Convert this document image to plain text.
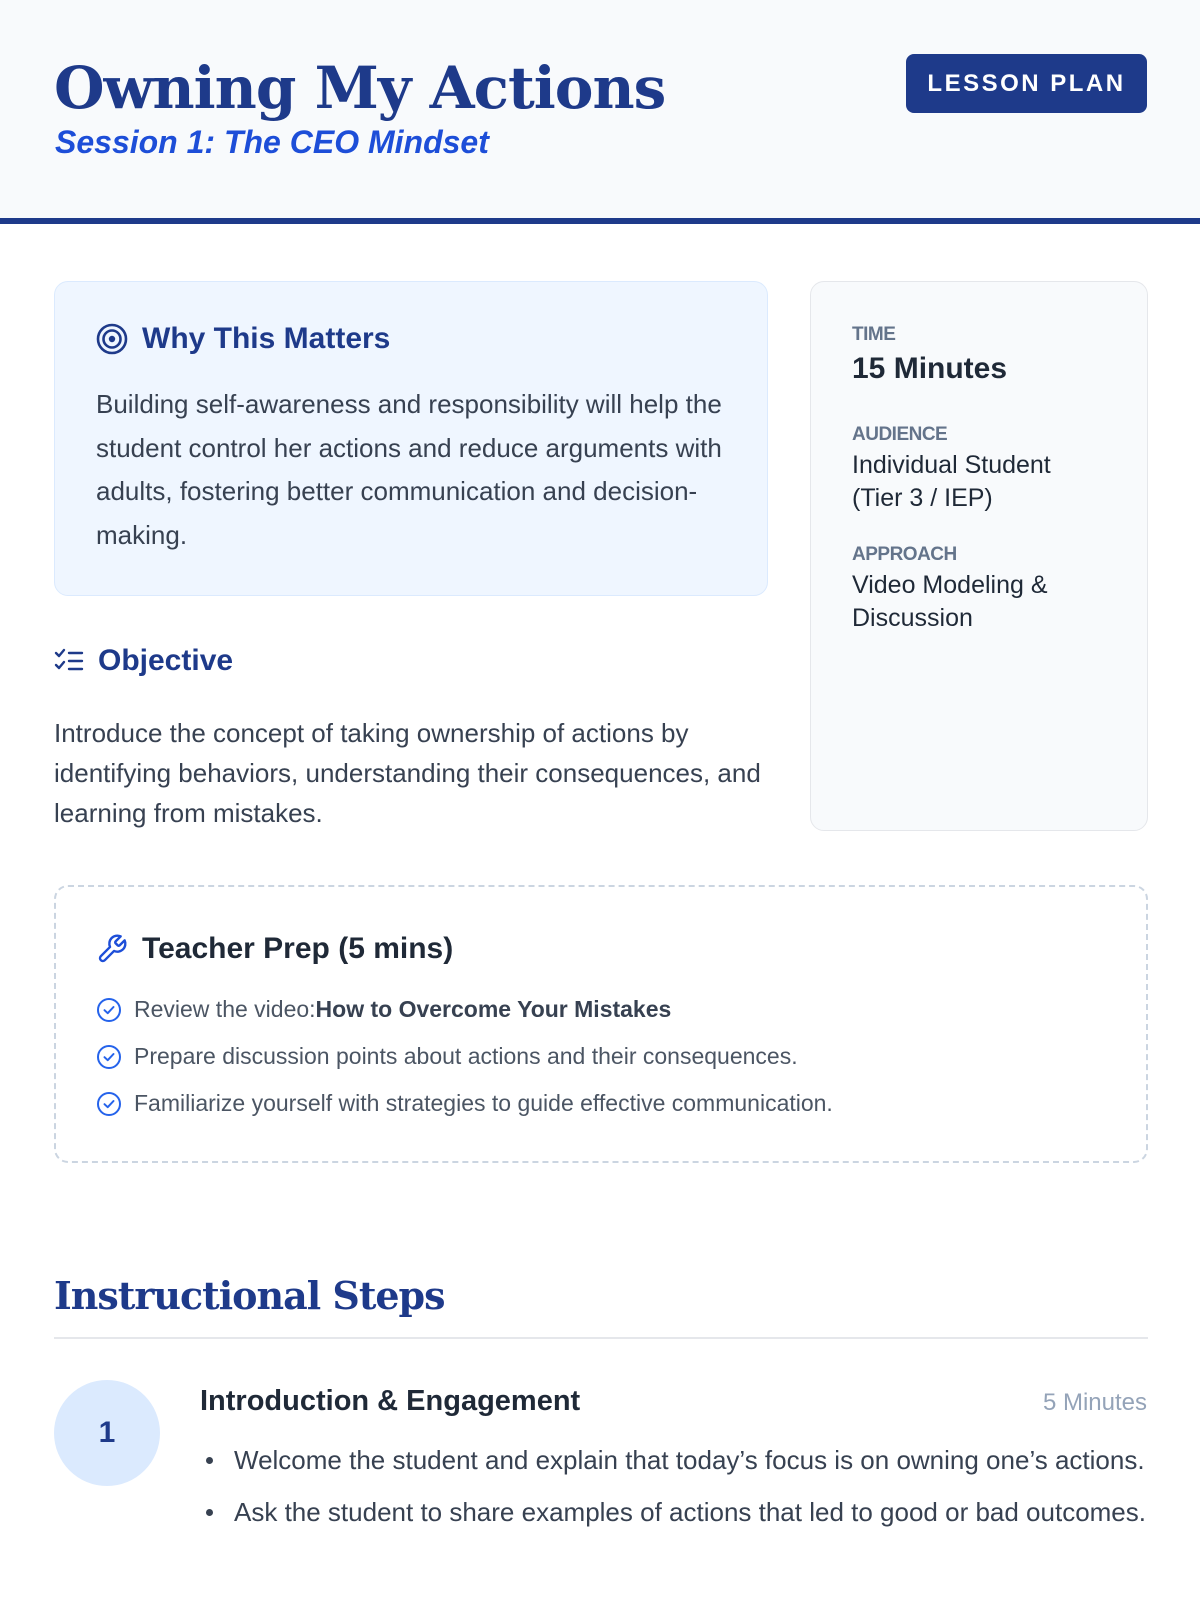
Owning My Actions
Session 1: The CEO Mindset
LESSON PLAN
Why This Matters

Building self-awareness and responsibility will help the student control her actions and reduce arguments with adults, fostering better communication and decision-making.

Objective

Introduce the concept of taking ownership of actions by identifying behaviors, understanding their consequences, and learning from mistakes.

TIME
15 Minutes
AUDIENCE
Individual Student (Tier 3 / IEP)
APPROACH
Video Modeling & Discussion
Teacher Prep (5 mins)
Review the video:How to Overcome Your Mistakes
Prepare discussion points about actions and their consequences.
Familiarize yourself with strategies to guide effective communication.
Instructional Steps
1
Introduction & Engagement	5 Minutes
Welcome the student and explain that today’s focus is on owning one’s actions.
Ask the student to share examples of actions that led to good or bad outcomes.
